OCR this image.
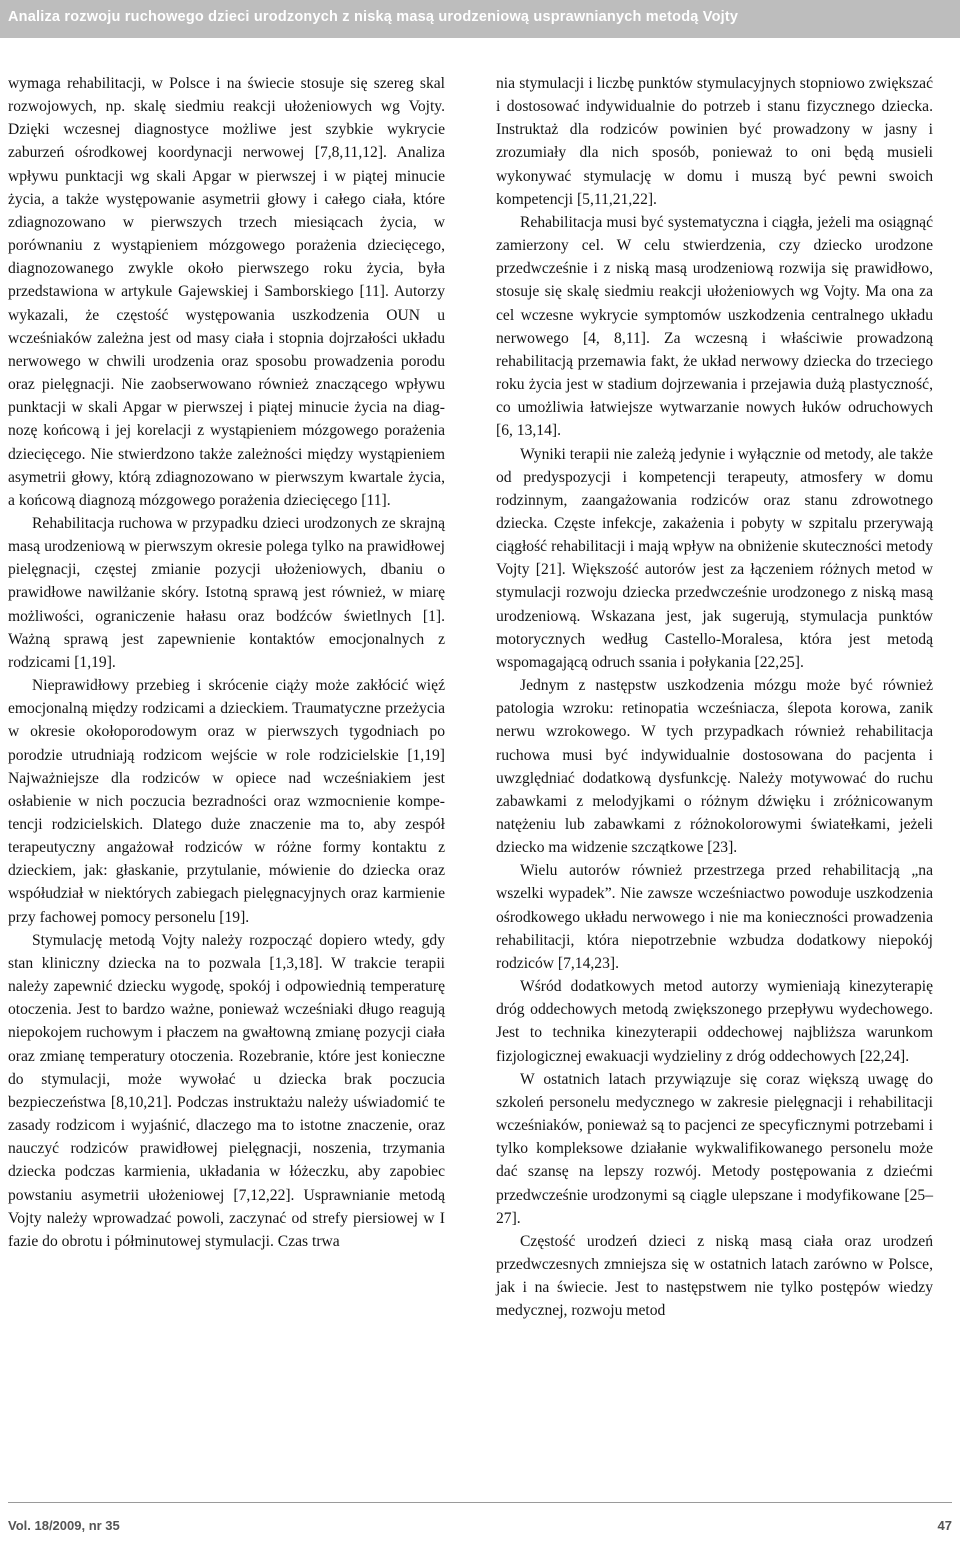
Analiza rozwoju ruchowego dzieci urodzonych z niską masą urodzeniową usprawnianych metodą Vojty

wymaga rehabilitacji, w Polsce i na świecie stosuje się szereg skal rozwojowych, np. skalę siedmiu reakcji ułożeniowych wg Vojty. Dzięki wczesnej diagnostyce możliwe jest szybkie wykrycie zaburzeń ośrodkowej koordynacji nerwowej [7,8,11,12]. Analiza wpływu punktacji wg skali Apgar w pierwszej i w piątej minucie życia, a także występowanie asymetrii głowy i całego ciała, które zdiagnozowano w pierwszych trzech miesiącach życia, w porównaniu z wystąpieniem mózgowego porażenia dziecięcego, diagnozowanego zwykle około pierwszego roku życia, była przedstawiona w artykule Gajewskiej i Samborskiego [11]. Autorzy wykazali, że częstość występowania uszkodzenia OUN u wcześniaków zależna jest od masy ciała i stopnia dojrzałości układu nerwowego w chwili urodzenia oraz sposobu prowadzenia porodu oraz pielęgnacji. Nie zaobserwowano również znaczącego wpływu punktacji w skali Apgar w pierwszej i piątej minucie życia na diagnozę końcową i jej korelacji z wystąpieniem mózgowego porażenia dziecięcego. Nie stwierdzono także zależności między wystąpieniem asymetrii głowy, którą zdiagnozowano w pierwszym kwartale życia, a końcową diagnozą mózgowego porażenia dziecięcego [11].

Rehabilitacja ruchowa w przypadku dzieci urodzonych ze skrajną masą urodzeniową w pierwszym okresie polega tylko na prawidłowej pielęgnacji, częstej zmianie pozycji ułożeniowych, dbaniu o prawidłowe nawilżanie skóry. Istotną sprawą jest również, w miarę możliwości, ograniczenie hałasu oraz bodźców świetlnych [1]. Ważną sprawą jest zapewnienie kontaktów emocjonalnych z rodzicami [1,19].

Nieprawidłowy przebieg i skrócenie ciąży może zakłócić więź emocjonalną między rodzicami a dzieckiem. Traumatyczne przeżycia w okresie okołoporodowym oraz w pierwszych tygodniach po porodzie utrudniają rodzicom wejście w role rodzicielskie [1,19] Najważniejsze dla rodziców w opiece nad wcześniakiem jest osłabienie w nich poczucia bezradności oraz wzmocnienie kompetencji rodzicielskich. Dlatego duże znaczenie ma to, aby zespół terapeutyczny angażował rodziców w różne formy kontaktu z dzieckiem, jak: głaskanie, przytulanie, mówienie do dziecka oraz współudział w niektórych zabiegach pielęgnacyjnych oraz karmienie przy fachowej pomocy personelu [19].

Stymulację metodą Vojty należy rozpocząć dopiero wtedy, gdy stan kliniczny dziecka na to pozwala [1,3,18]. W trakcie terapii należy zapewnić dziecku wygodę, spokój i odpowiednią temperaturę otoczenia. Jest to bardzo ważne, ponieważ wcześniaki długo reagują niepokojem ruchowym i płaczem na gwałtowną zmianę pozycji ciała oraz zmianę temperatury otoczenia. Rozebranie, które jest konieczne do stymulacji, może wywołać u dziecka brak poczucia bezpieczeństwa [8,10,21]. Podczas instruktażu należy uświadomić te zasady rodzicom i wyjaśnić, dlaczego ma to istotne znaczenie, oraz nauczyć rodziców prawidłowej pielęgnacji, noszenia, trzymania dziecka podczas karmienia, układania w łóżeczku, aby zapobiec powstaniu asymetrii ułożeniowej [7,12,22]. Usprawnianie metodą Vojty należy wprowadzać powoli, zaczynać od strefy piersiowej w I fazie do obrotu i półminutowej stymulacji. Czas trwa

nia stymulacji i liczbę punktów stymulacyjnych stopniowo zwiększać i dostosować indywidualnie do potrzeb i stanu fizycznego dziecka. Instruktaż dla rodziców powinien być prowadzony w jasny i zrozumiały dla nich sposób, ponieważ to oni będą musieli wykonywać stymulację w domu i muszą być pewni swoich kompetencji [5,11,21,22].

Rehabilitacja musi być systematyczna i ciągła, jeżeli ma osiągnąć zamierzony cel. W celu stwierdzenia, czy dziecko urodzone przedwcześnie i z niską masą urodzeniową rozwija się prawidłowo, stosuje się skalę siedmiu reakcji ułożeniowych wg Vojty. Ma ona za cel wczesne wykrycie symptomów uszkodzenia centralnego układu nerwowego [4, 8,11]. Za wczesną i właściwie prowadzoną rehabilitacją przemawia fakt, że układ nerwowy dziecka do trzeciego roku życia jest w stadium dojrzewania i przejawia dużą plastyczność, co umożliwia łatwiejsze wytwarzanie nowych łuków odruchowych [6, 13,14].

Wyniki terapii nie zależą jedynie i wyłącznie od metody, ale także od predyspozycji i kompetencji terapeuty, atmosfery w domu rodzinnym, zaangażowania rodziców oraz stanu zdrowotnego dziecka. Częste infekcje, zakażenia i pobyty w szpitalu przerywają ciągłość rehabilitacji i mają wpływ na obniżenie skuteczności metody Vojty [21]. Większość autorów jest za łączeniem różnych metod w stymulacji rozwoju dziecka przedwcześnie urodzonego z niską masą urodzeniową. Wskazana jest, jak sugerują, stymulacja punktów motorycznych według Castello-Moralesa, która jest metodą wspomagającą odruch ssania i połykania [22,25].

Jednym z następstw uszkodzenia mózgu może być również patologia wzroku: retinopatia wcześniacza, ślepota korowa, zanik nerwu wzrokowego. W tych przypadkach również rehabilitacja ruchowa musi być indywidualnie dostosowana do pacjenta i uwzględniać dodatkową dysfunkcję. Należy motywować do ruchu zabawkami z melodyjkami o różnym dźwięku i zróżnicowanym natężeniu lub zabawkami z różnokolorowymi światełkami, jeżeli dziecko ma widzenie szczątkowe [23].

Wielu autorów również przestrzega przed rehabilitacją „na wszelki wypadek”. Nie zawsze wcześniactwo powoduje uszkodzenia ośrodkowego układu nerwowego i nie ma konieczności prowadzenia rehabilitacji, która niepotrzebnie wzbudza dodatkowy niepokój rodziców [7,14,23].

Wśród dodatkowych metod autorzy wymieniają kinezyterapię dróg oddechowych metodą zwiększonego przepływu wydechowego. Jest to technika kinezyterapii oddechowej najbliższa warunkom fizjologicznej ewakuacji wydzieliny z dróg oddechowych [22,24].

W ostatnich latach przywiązuje się coraz większą uwagę do szkoleń personelu medycznego w zakresie pielęgnacji i rehabilitacji wcześniaków, ponieważ są to pacjenci ze specyficznymi potrzebami i tylko kompleksowe działanie wykwalifikowanego personelu może dać szansę na lepszy rozwój. Metody postępowania z dziećmi przedwcześnie urodzonymi są ciągle ulepszane i modyfikowane [25–27].

Częstość urodzeń dzieci z niską masą ciała oraz urodzeń przedwczesnych zmniejsza się w ostatnich latach zarówno w Polsce, jak i na świecie. Jest to następstwem nie tylko postępów wiedzy medycznej, rozwoju metod

Vol. 18/2009, nr 35	47
